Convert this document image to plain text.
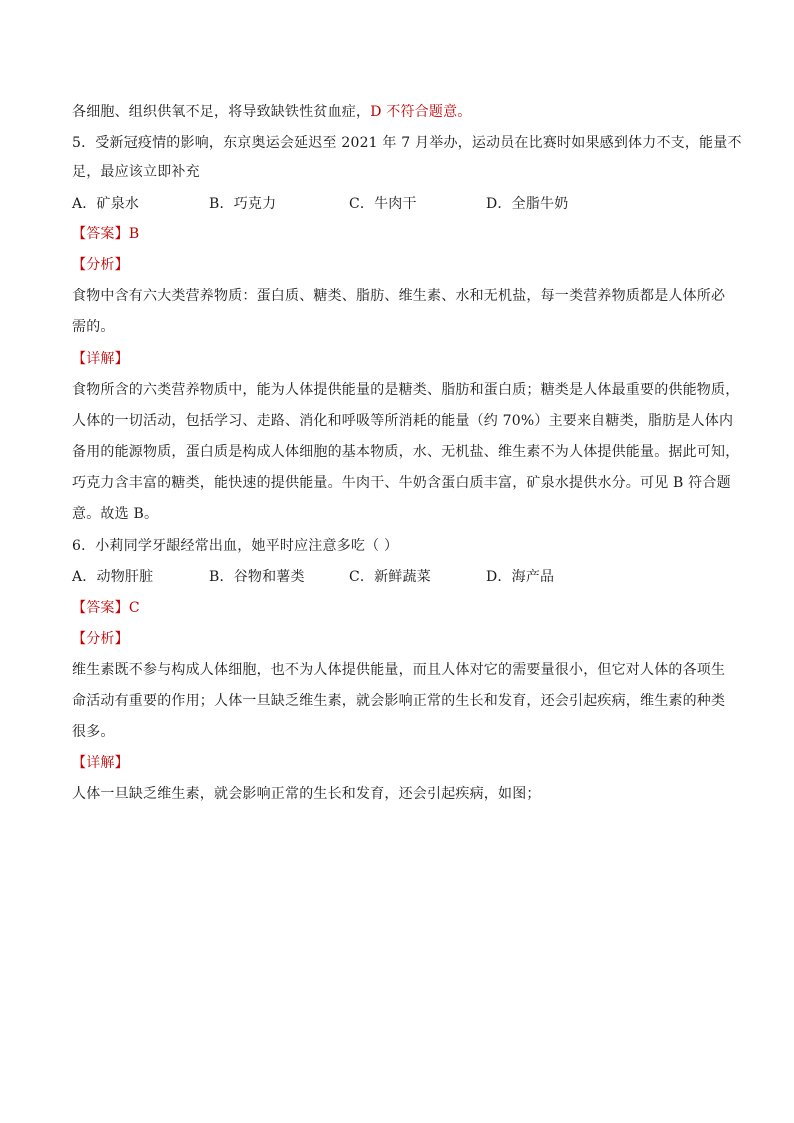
各细胞、组织供氧不足，将导致缺铁性贫血症，D 不符合题意。
5．受新冠疫情的影响，东京奥运会延迟至 2021 年 7 月举办，运动员在比赛时如果感到体力不支，能量不
足，最应该立即补充
A．矿泉水	B．巧克力	C．牛肉干	D．全脂牛奶
【答案】B
【分析】
食物中含有六大类营养物质：蛋白质、糖类、脂肪、维生素、水和无机盐，每一类营养物质都是人体所必
需的。
【详解】
食物所含的六类营养物质中，能为人体提供能量的是糖类、脂肪和蛋白质；糖类是人体最重要的供能物质，
人体的一切活动，包括学习、走路、消化和呼吸等所消耗的能量（约 70%）主要来自糖类，脂肪是人体内
备用的能源物质，蛋白质是构成人体细胞的基本物质，水、无机盐、维生素不为人体提供能量。据此可知，
巧克力含丰富的糖类，能快速的提供能量。牛肉干、牛奶含蛋白质丰富，矿泉水提供水分。可见 B 符合题
意。故选 B。
6．小莉同学牙龈经常出血，她平时应注意多吃（ ）
A．动物肝脏	B．谷物和薯类	C．新鲜蔬菜	D．海产品
【答案】C
【分析】
维生素既不参与构成人体细胞，也不为人体提供能量，而且人体对它的需要量很小，但它对人体的各项生
命活动有重要的作用；人体一旦缺乏维生素，就会影响正常的生长和发育，还会引起疾病，维生素的种类
很多。
【详解】
人体一旦缺乏维生素，就会影响正常的生长和发育，还会引起疾病，如图；
